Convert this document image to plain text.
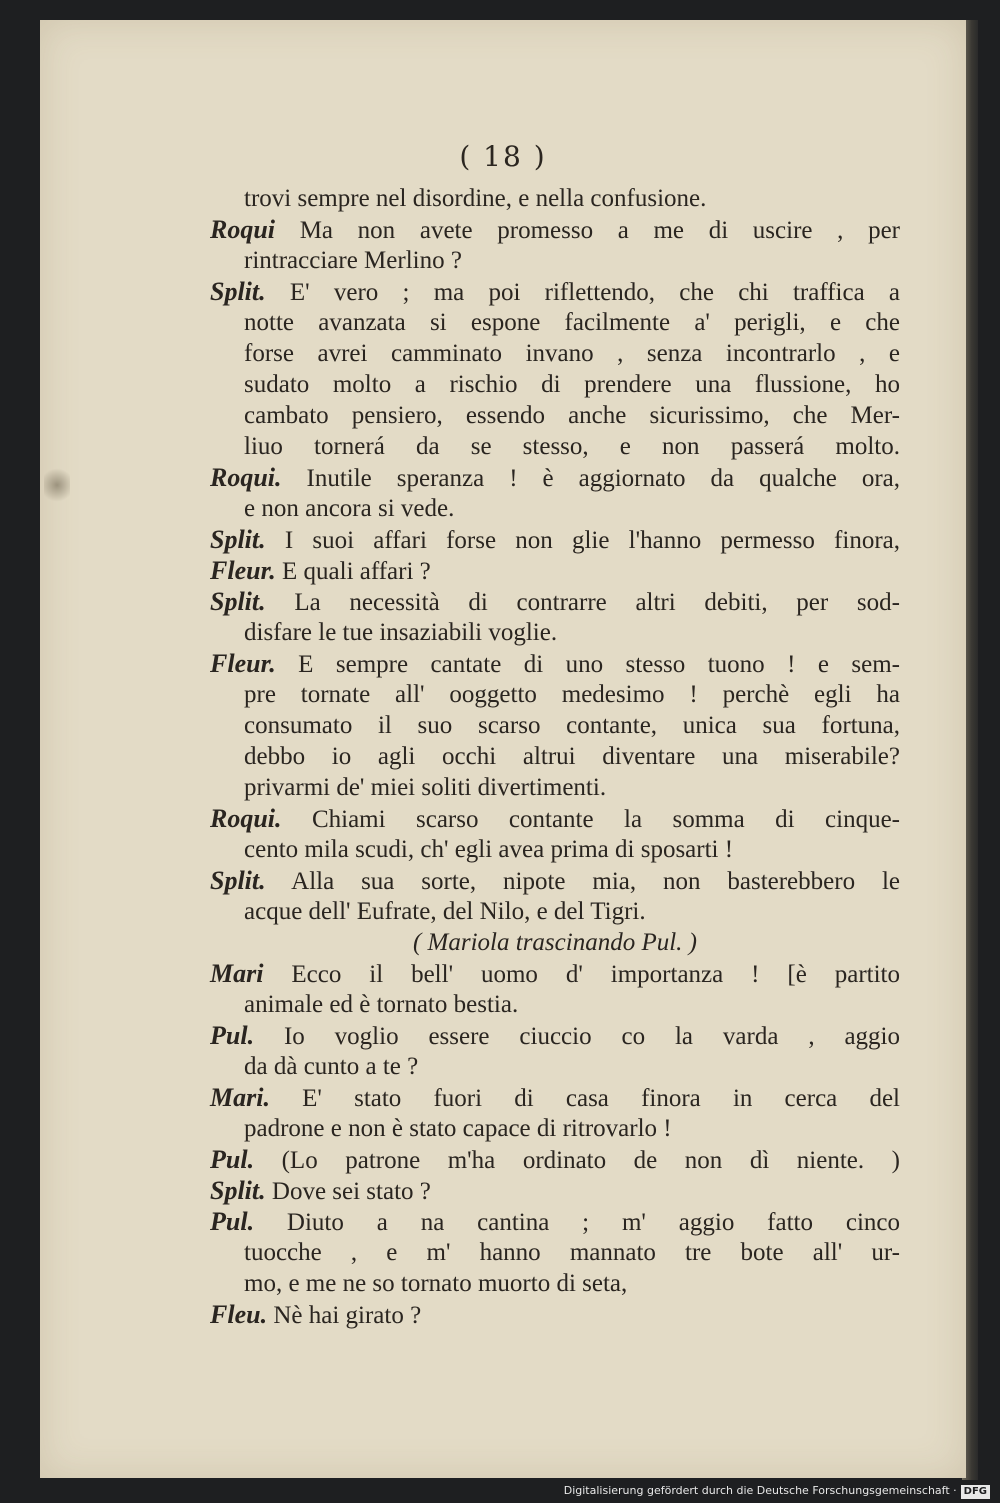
( 18 )
trovi sempre nel disordine, e nella confusione.
Roqui Ma non avete promesso a me di uscire , per
rintracciare Merlino ?
Split. E' vero ; ma poi riflettendo, che chi traffica a
notte avanzata si espone facilmente a' perigli, e che
forse avrei camminato invano , senza incontrarlo , e
sudato molto a rischio di prendere una flussione, ho
cambato pensiero, essendo anche sicurissimo, che Mer-
liuo tornerá da se stesso, e non passerá molto.
Roqui. Inutile speranza ! è aggiornato da qualche ora,
e non ancora si vede.
Split. I suoi affari forse non glie l'hanno permesso finora,
Fleur. E quali affari ?
Split. La necessità di contrarre altri debiti, per sod-
disfare le tue insaziabili voglie.
Fleur. E sempre cantate di uno stesso tuono ! e sem-
pre tornate all' ooggetto medesimo ! perchè egli ha
consumato il suo scarso contante, unica sua fortuna,
debbo io agli occhi altrui diventare una miserabile?
privarmi de' miei soliti divertimenti.
Roqui. Chiami scarso contante la somma di cinque-
cento mila scudi, ch' egli avea prima di sposarti !
Split. Alla sua sorte, nipote mia, non basterebbero le
acque dell' Eufrate, del Nilo, e del Tigri.
( Mariola trascinando Pul. )
Mari Ecco il bell' uomo d' importanza ! [è partito
animale ed è tornato bestia.
Pul. Io voglio essere ciuccio co la varda , aggio
da dà cunto a te ?
Mari. E' stato fuori di casa finora in cerca del
padrone e non è stato capace di ritrovarlo !
Pul. (Lo patrone m'ha ordinato de non dì niente. )
Split. Dove sei stato ?
Pul. Diuto a na cantina ; m' aggio fatto cinco
tuocche , e m' hanno mannato tre bote all' ur-
mo, e me ne so tornato muorto di seta,
Fleu. Nè hai girato ?
Digitalisierung gefördert durch die Deutsche Forschungsgemeinschaft · DFG
